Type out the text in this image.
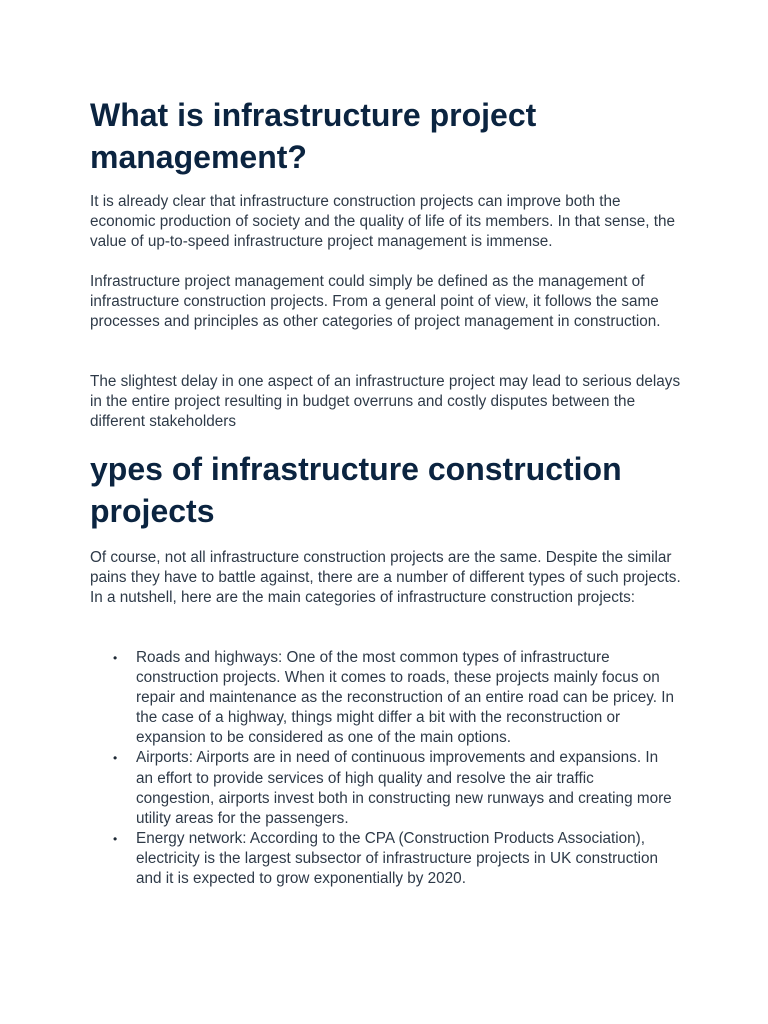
What is infrastructure project management?

It is already clear that infrastructure construction projects can improve both the economic production of society and the quality of life of its members. In that sense, the value of up-to-speed infrastructure project management is immense.

Infrastructure project management could simply be defined as the management of infrastructure construction projects. From a general point of view, it follows the same processes and principles as other categories of project management in construction.

The slightest delay in one aspect of an infrastructure project may lead to serious delays in the entire project resulting in budget overruns and costly disputes between the different stakeholders

ypes of infrastructure construction projects

Of course, not all infrastructure construction projects are the same. Despite the similar pains they have to battle against, there are a number of different types of such projects. In a nutshell, here are the main categories of infrastructure construction projects:

• Roads and highways: One of the most common types of infrastructure construction projects. When it comes to roads, these projects mainly focus on repair and maintenance as the reconstruction of an entire road can be pricey. In the case of a highway, things might differ a bit with the reconstruction or expansion to be considered as one of the main options.
• Airports: Airports are in need of continuous improvements and expansions. In an effort to provide services of high quality and resolve the air traffic congestion, airports invest both in constructing new runways and creating more utility areas for the passengers.
• Energy network: According to the CPA (Construction Products Association), electricity is the largest subsector of infrastructure projects in UK construction and it is expected to grow exponentially by 2020.
